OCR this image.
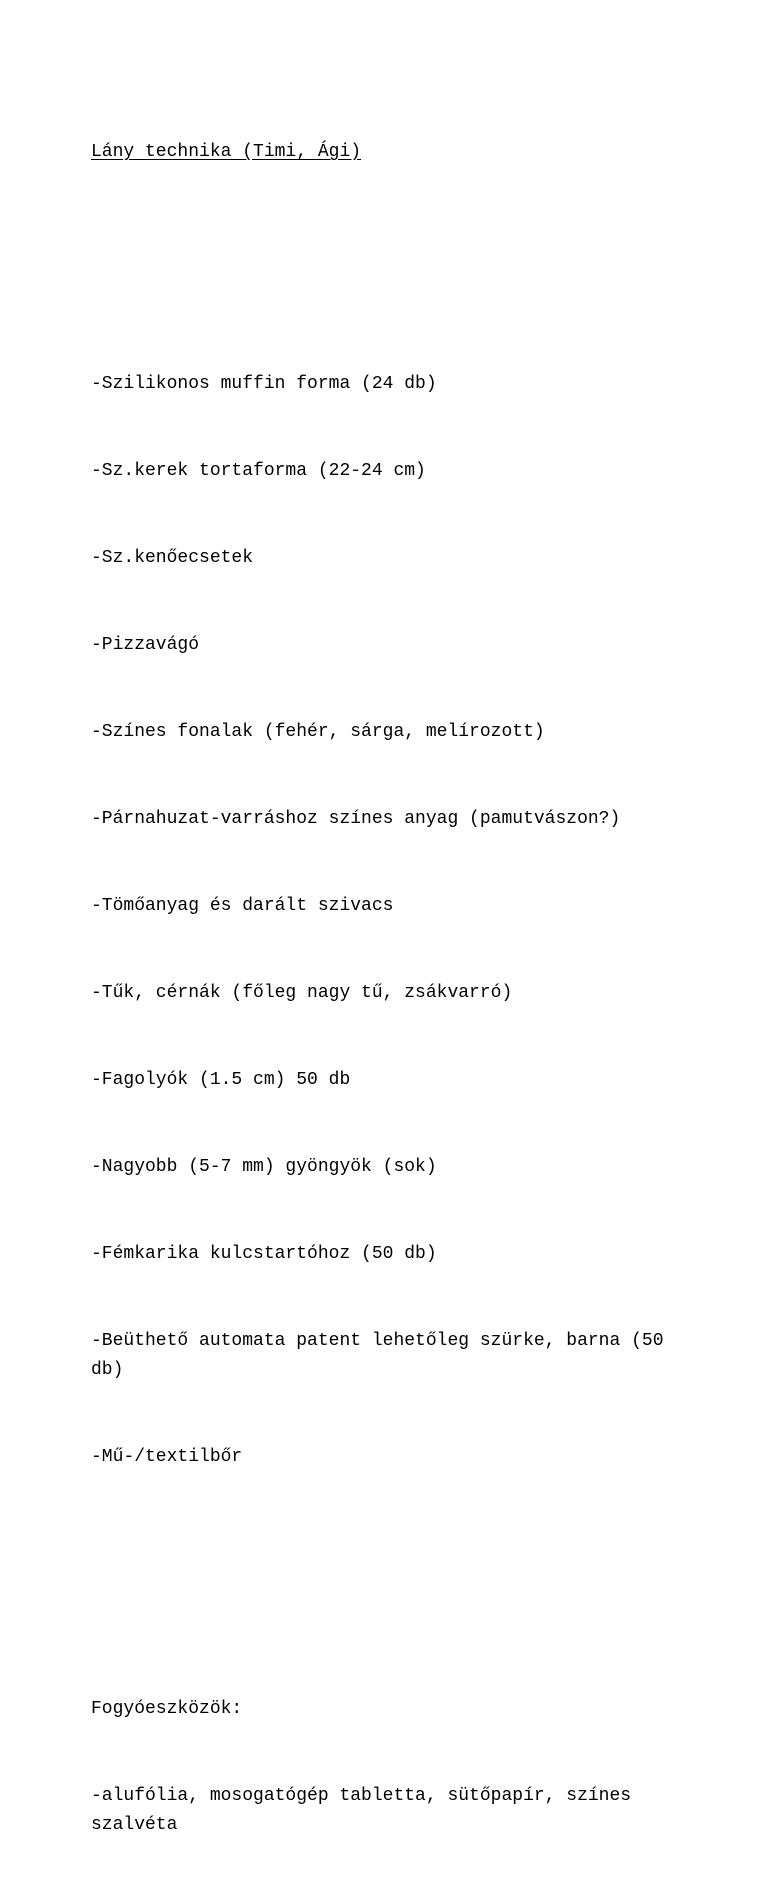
Lány technika (Timi, Ági)

-Szilikonos muffin forma (24 db)

-Sz.kerek tortaforma (22-24 cm)

-Sz.kenőecsetek

-Pizzavágó

-Színes fonalak (fehér, sárga, melírozott)

-Párnahuzat-varráshoz színes anyag (pamutvászon?)

-Tömőanyag és darált szivacs

-Tűk, cérnák (főleg nagy tű, zsákvarró)

-Fagolyók (1.5 cm) 50 db

-Nagyobb (5-7 mm) gyöngyök (sok)

-Fémkarika kulcstartóhoz (50 db)

-Beüthető automata patent lehetőleg szürke, barna (50 db)

-Mű-/textilbőr

Fogyóeszközök:

-alufólia, mosogatógép tabletta, sütőpapír, színes szalvéta
